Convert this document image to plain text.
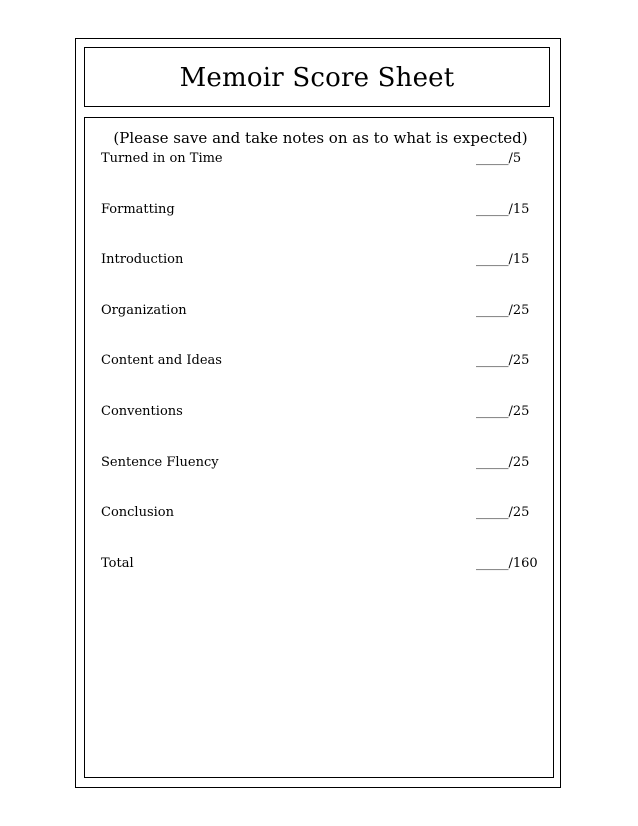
Memoir Score Sheet

(Please save and take notes on as to what is expected)

Turned in on Time	_____/5
Formatting	_____/15
Introduction	_____/15
Organization	_____/25
Content and Ideas	_____/25
Conventions	_____/25
Sentence Fluency	_____/25
Conclusion	_____/25
Total	_____/160
